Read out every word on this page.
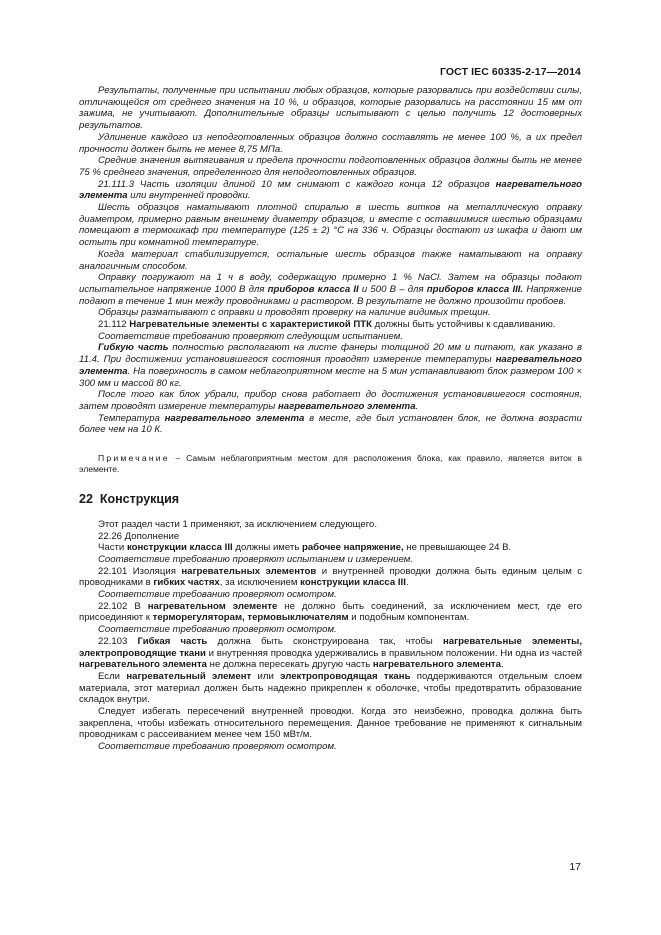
ГОСТ IEC 60335-2-17—2014

Результаты, полученные при испытании любых образцов, которые разорвались при воздействии силы, отличающейся от среднего значения на 10 %, и образцов, которые разорвались на расстоянии 15 мм от зажима, не учитывают. Дополнительные образцы испытывают с целью получить 12 достоверных результатов.

Удлинение каждого из неподготовленных образцов должно составлять не менее 100 %, а их предел прочности должен быть не менее 8,75 МПа.

Средние значения вытягивания и предела прочности подготовленных образцов должны быть не менее 75 % среднего значения, определенного для неподготовленных образцов.

21.111.3 Часть изоляции длиной 10 мм снимают с каждого конца 12 образцов нагревательного элемента или внутренней проводки.

Шесть образцов наматывают плотной спиралью в шесть витков на металлическую оправку диаметром, примерно равным внешнему диаметру образцов, и вместе с оставшимися шестью образцами помещают в термошкаф при температуре (125 ± 2) °С на 336 ч. Образцы достают из шкафа и дают им остыть при комнатной температуре.

Когда материал стабилизируется, остальные шесть образцов также наматывают на оправку аналогичным способом.

Оправку погружают на 1 ч в воду, содержащую примерно 1 % NaCl. Затем на образцы подают испытательное напряжение 1000 В для приборов класса II и 500 В – для приборов класса III. Напряжение подают в течение 1 мин между проводниками и раствором. В результате не должно произойти пробоев.

Образцы разматывают с оправки и проводят проверку на наличие видимых трещин.

21.112 Нагревательные элементы с характеристикой ПТК должны быть устойчивы к сдавливанию.

Соответствие требованию проверяют следующим испытанием.

Гибкую часть полностью располагают на листе фанеры толщиной 20 мм и питают, как указано в 11.4. При достижении установившегося состояния проводят измерение температуры нагревательного элемента. На поверхность в самом неблагоприятном месте на 5 мин устанавливают блок размером 100 × 300 мм и массой 80 кг.

После того как блок убрали, прибор снова работает до достижения установившегося состояния, затем проводят измерение температуры нагревательного элемента.

Температура нагревательного элемента в месте, где был установлен блок, не должна возрасти более чем на 10 К.

Примечание – Самым неблагоприятным местом для расположения блока, как правило, является виток в элементе.

22 Конструкция

Этот раздел части 1 применяют, за исключением следующего.

22.26 Дополнение

Части конструкции класса III должны иметь рабочее напряжение, не превышающее 24 В.

Соответствие требованию проверяют испытанием и измерением.

22.101 Изоляция нагревательных элементов и внутренней проводки должна быть единым целым с проводниками в гибких частях, за исключением конструкции класса III.

Соответствие требованию проверяют осмотром.

22.102 В нагревательном элементе не должно быть соединений, за исключением мест, где его присоединяют к терморегуляторам, термовыключателям и подобным компонентам.

Соответствие требованию проверяют осмотром.

22.103 Гибкая часть должна быть сконструирована так, чтобы нагревательные элементы, электропроводящие ткани и внутренняя проводка удерживались в правильном положении. Ни одна из частей нагревательного элемента не должна пересекать другую часть нагревательного элемента.

Если нагревательный элемент или электропроводящая ткань поддерживаются отдельным слоем материала, этот материал должен быть надежно прикреплен к оболочке, чтобы предотвратить образование складок внутри.

Следует избегать пересечений внутренней проводки. Когда это неизбежно, проводка должна быть закреплена, чтобы избежать относительного перемещения. Данное требование не применяют к сигнальным проводникам с рассеиванием менее чем 150 мВт/м.

Соответствие требованию проверяют осмотром.

17
